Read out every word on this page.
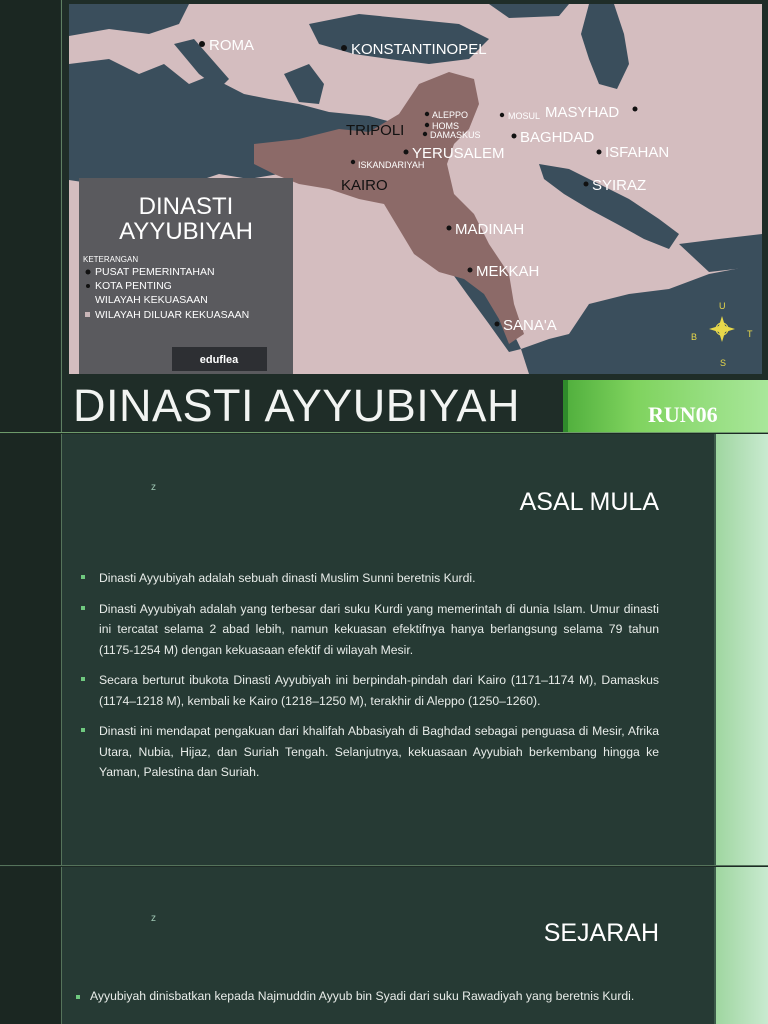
DINASTI
AYYUBIYAH
KETERANGAN
PUSAT PEMERINTAHAN
KOTA PENTING
WILAYAH KEKUASAAN
WILAYAH DILUAR KEKUASAAN
eduflea
ROMA	KONSTANTINOPEL
TRIPOLI
ALEPPO
HOMS
DAMASKUS
MOSUL MASYHAD
BAGHDAD
YERUSALEM	ISFAHAN
ISKANDARIYAH
KAIRO	SYIRAZ
MADINAH
MEKKAH
SANA'A
U
B	T
S
DINASTI AYYUBIYAH	RUN06
z
ASAL MULA
Dinasti Ayyubiyah adalah sebuah dinasti Muslim Sunni beretnis Kurdi.
Dinasti Ayyubiyah adalah yang terbesar dari suku Kurdi yang memerintah di dunia Islam. Umur dinasti ini tercatat selama 2 abad lebih, namun kekuasan efektifnya hanya berlangsung selama 79 tahun (1175-1254 M) dengan kekuasaan efektif di wilayah Mesir.
Secara berturut ibukota Dinasti Ayyubiyah ini berpindah-pindah dari Kairo (1171–1174 M), Damaskus (1174–1218 M), kembali ke Kairo (1218–1250 M), terakhir di Aleppo (1250–1260).
Dinasti ini mendapat pengakuan dari khalifah Abbasiyah di Baghdad sebagai penguasa di Mesir, Afrika Utara, Nubia, Hijaz, dan Suriah Tengah. Selanjutnya, kekuasaan Ayyubiah berkembang hingga ke Yaman, Palestina dan Suriah.
z
SEJARAH
Ayyubiyah dinisbatkan kepada Najmuddin Ayyub bin Syadi dari suku Rawadiyah yang beretnis Kurdi.
